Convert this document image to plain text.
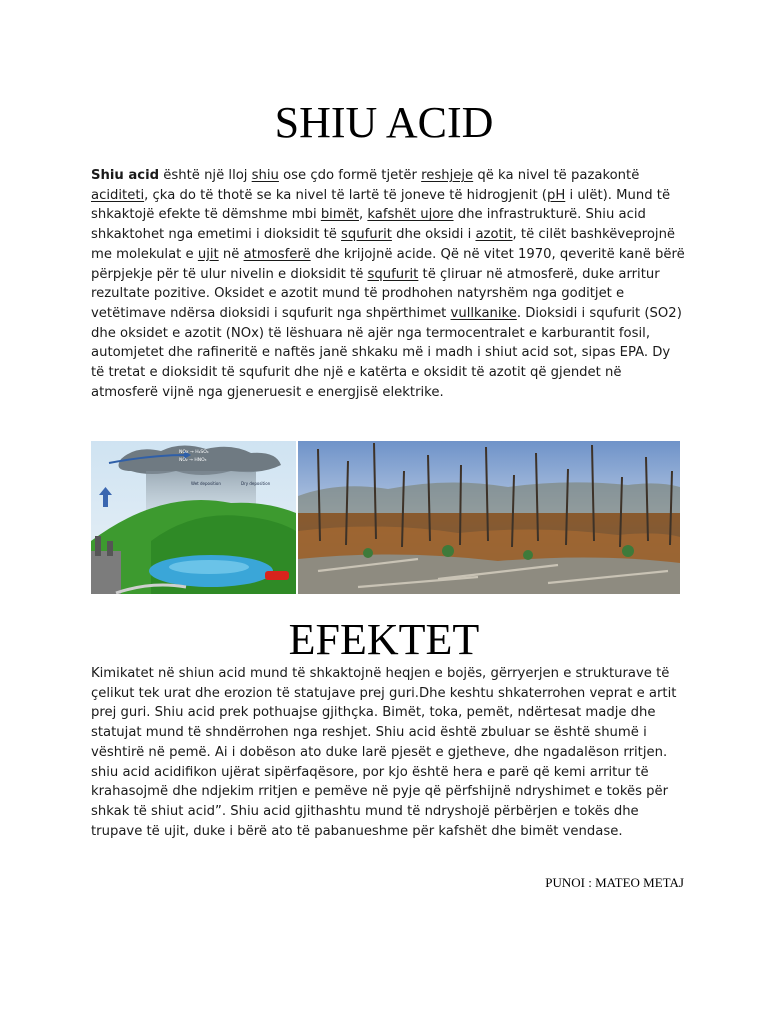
SHIU ACID

Shiu acid është një lloj shiu ose çdo formë tjetër reshjeje që ka nivel të pazakontë aciditeti, çka do të thotë se ka nivel të lartë të joneve të hidrogjenit (pH i ulët). Mund të shkaktojë efekte të dëmshme mbi bimët, kafshët ujore dhe infrastrukturë. Shiu acid shkaktohet nga emetimi i dioksidit të squfurit dhe oksidi i azotit, të cilët bashkëveprojnë me molekulat e ujit në atmosferë dhe krijojnë acide. Që në vitet 1970, qeveritë kanë bërë përpjekje për të ulur nivelin e dioksidit të squfurit të çliruar në atmosferë, duke arritur rezultate pozitive. Oksidet e azotit mund të prodhohen natyrshëm nga goditjet e vetëtimave ndërsa dioksidi i squfurit nga shpërthimet vullkanike. Dioksidi i squfurit (SO2) dhe oksidet e azotit (NOx) të lëshuara në ajër nga termocentralet e karburantit fosil, automjetet dhe rafineritë e naftës janë shkaku më i madh i shiut acid sot, sipas EPA. Dy të tretat e dioksidit të squfurit dhe një e katërta e oksidit të azotit që gjendet në atmosferë vijnë nga gjeneruesit e energjisë elektrike.

NOx → H₂SO₄
NO₂ → HNO₃
Wet deposition	Dry deposition
EFEKTET

Kimikatet në shiun acid mund të shkaktojnë heqjen e bojës, gërryerjen e strukturave të çelikut tek urat dhe erozion të statujave prej guri.Dhe keshtu shkaterrohen veprat e artit prej guri. Shiu acid prek pothuajse gjithçka. Bimët, toka, pemët, ndërtesat madje dhe statujat mund të shndërrohen nga reshjet. Shiu acid është zbuluar se është shumë i vështirë në pemë. Ai i dobëson ato duke larë pjesët e gjetheve, dhe ngadalëson rritjen. shiu acid acidifikon ujërat sipërfaqësore, por kjo është hera e parë që kemi arritur të krahasojmë dhe ndjekim rritjen e pemëve në pyje që përfshijnë ndryshimet e tokës për shkak të shiut acid”. Shiu acid gjithashtu mund të ndryshojë përbërjen e tokës dhe trupave të ujit, duke i bërë ato të pabanueshme për kafshët dhe bimët vendase.

PUNOI : MATEO METAJ
